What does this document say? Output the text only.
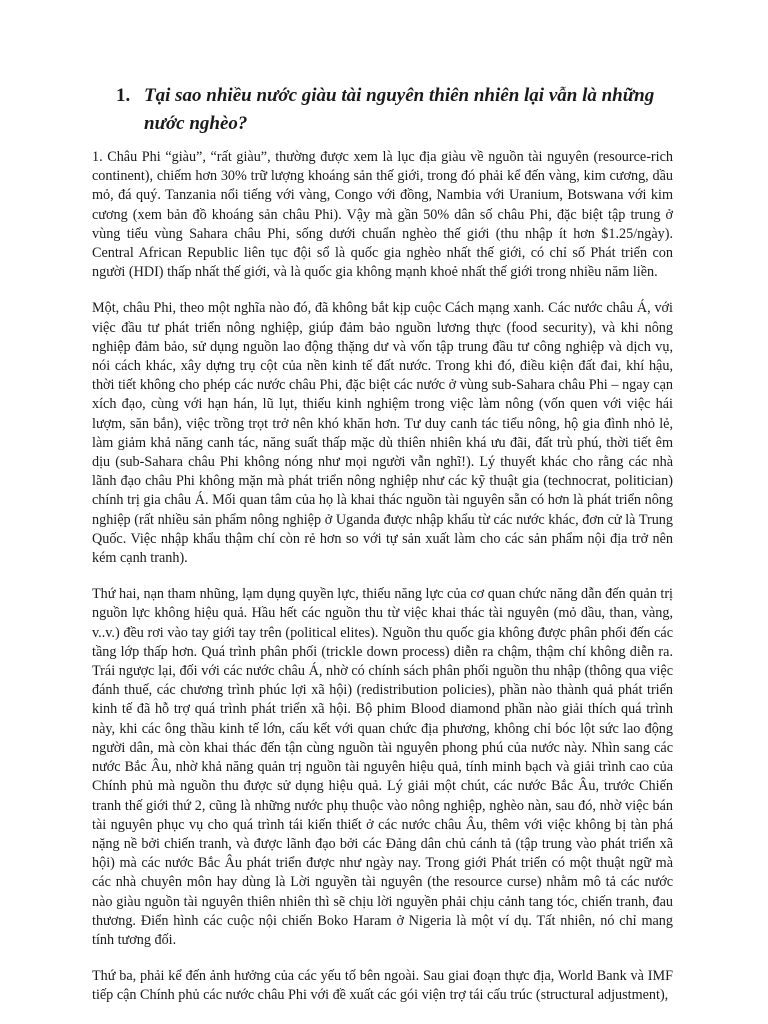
1. Tại sao nhiều nước giàu tài nguyên thiên nhiên lại vẫn là những nước nghèo?

1. Châu Phi “giàu”, “rất giàu”, thường được xem là lục địa giàu về nguồn tài nguyên (resource-rich continent), chiếm hơn 30% trữ lượng khoáng sản thế giới, trong đó phải kể đến vàng, kim cương, dầu mỏ, đá quý. Tanzania nổi tiếng với vàng, Congo với đồng, Nambia với Uranium, Botswana với kim cương (xem bản đồ khoáng sản châu Phi). Vậy mà gần 50% dân số châu Phi, đặc biệt tập trung ở vùng tiểu vùng Sahara châu Phi, sống dưới chuẩn nghèo thế giới (thu nhập ít hơn $1.25/ngày). Central African Republic liên tục đội sổ là quốc gia nghèo nhất thế giới, có chỉ số Phát triển con người (HDI) thấp nhất thế giới, và là quốc gia không mạnh khoẻ nhất thế giới trong nhiều năm liền.

Một, châu Phi, theo một nghĩa nào đó, đã không bắt kịp cuộc Cách mạng xanh. Các nước châu Á, với việc đầu tư phát triển nông nghiệp, giúp đảm bảo nguồn lương thực (food security), và khi nông nghiệp đảm bảo, sử dụng nguồn lao động thặng dư và vốn tập trung đầu tư công nghiệp và dịch vụ, nói cách khác, xây dựng trụ cột của nền kinh tế đất nước. Trong khi đó, điều kiện đất đai, khí hậu, thời tiết không cho phép các nước châu Phi, đặc biệt các nước ở vùng sub-Sahara châu Phi – ngay cạn xích đạo, cùng với hạn hán, lũ lụt, thiếu kinh nghiệm trong việc làm nông (vốn quen với việc hái lượm, săn bắn), việc trồng trọt trở nên khó khăn hơn. Tư duy canh tác tiểu nông, hộ gia đình nhỏ lẻ, làm giảm khả năng canh tác, năng suất thấp mặc dù thiên nhiên khá ưu đãi, đất trù phú, thời tiết êm dịu (sub-Sahara châu Phi không nóng như mọi người vẫn nghĩ!). Lý thuyết khác cho rằng các nhà lãnh đạo châu Phi không mặn mà phát triển nông nghiệp như các kỹ thuật gia (technocrat, politician) chính trị gia châu Á. Mối quan tâm của họ là khai thác nguồn tài nguyên sẵn có hơn là phát triển nông nghiệp (rất nhiều sản phẩm nông nghiệp ở Uganda được nhập khẩu từ các nước khác, đơn cử là Trung Quốc. Việc nhập khẩu thậm chí còn rẻ hơn so với tự sản xuất làm cho các sản phẩm nội địa trở nên kém cạnh tranh).

Thứ hai, nạn tham nhũng, lạm dụng quyền lực, thiếu năng lực của cơ quan chức năng dẫn đến quản trị nguồn lực không hiệu quả. Hầu hết các nguồn thu từ việc khai thác tài nguyên (mỏ dầu, than, vàng, v..v.) đều rơi vào tay giới tay trên (political elites). Nguồn thu quốc gia không được phân phối đến các tầng lớp thấp hơn. Quá trình phân phối (trickle down process) diễn ra chậm, thậm chí không diễn ra. Trái ngược lại, đối với các nước châu Á, nhờ có chính sách phân phối nguồn thu nhập (thông qua việc đánh thuế, các chương trình phúc lợi xã hội) (redistribution policies), phần nào thành quả phát triển kinh tế đã hỗ trợ quá trình phát triển xã hội. Bộ phim Blood diamond phần nào giải thích quá trình này, khi các ông thầu kinh tế lớn, cấu kết với quan chức địa phương, không chỉ bóc lột sức lao động người dân, mà còn khai thác đến tận cùng nguồn tài nguyên phong phú của nước này. Nhìn sang các nước Bắc Âu, nhờ khả năng quản trị nguồn tài nguyên hiệu quả, tính minh bạch và giải trình cao của Chính phủ mà nguồn thu được sử dụng hiệu quả. Lý giải một chút, các nước Bắc Âu, trước Chiến tranh thế giới thứ 2, cũng là những nước phụ thuộc vào nông nghiệp, nghèo nàn, sau đó, nhờ việc bán tài nguyên phục vụ cho quá trình tái kiến thiết ở các nước châu Âu, thêm với việc không bị tàn phá nặng nề bởi chiến tranh, và được lãnh đạo bởi các Đảng dân chủ cánh tả (tập trung vào phát triển xã hội) mà các nước Bắc Âu phát triển được như ngày nay. Trong giới Phát triển có một thuật ngữ mà các nhà chuyên môn hay dùng là Lời nguyền tài nguyên (the resource curse) nhằm mô tả các nước nào giàu nguồn tài nguyên thiên nhiên thì sẽ chịu lời nguyền phải chịu cảnh tang tóc, chiến tranh, đau thương. Điển hình các cuộc nội chiến Boko Haram ở Nigeria là một ví dụ. Tất nhiên, nó chỉ mang tính tương đối.

Thứ ba, phải kể đến ảnh hưởng của các yếu tố bên ngoài. Sau giai đoạn thực địa, World Bank và IMF tiếp cận Chính phủ các nước châu Phi với đề xuất các gói viện trợ tái cấu trúc (structural adjustment),
